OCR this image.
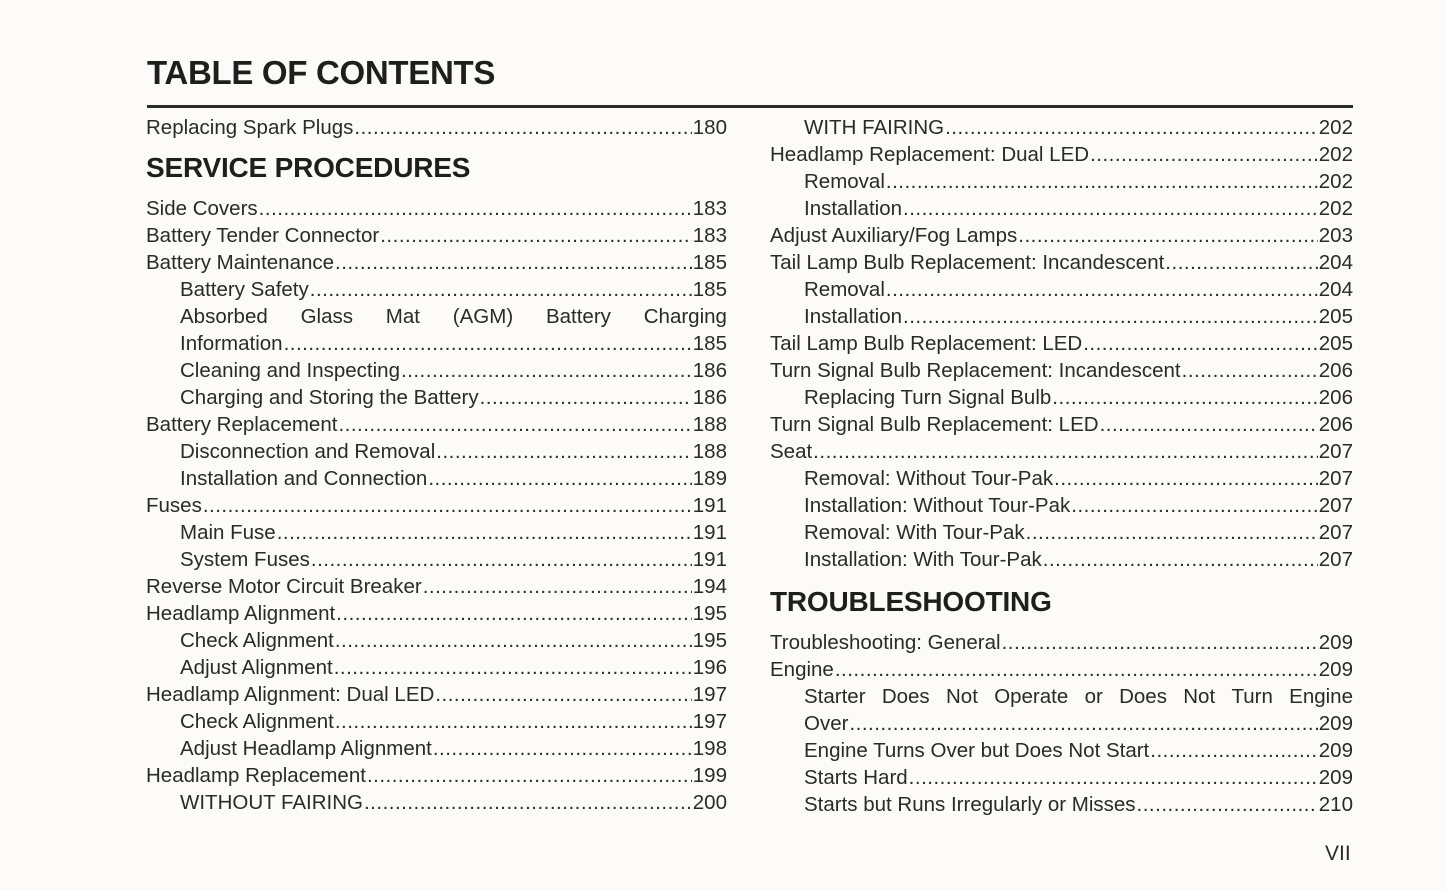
TABLE OF CONTENTS
Replacing Spark Plugs .....	180
SERVICE PROCEDURES
Side Covers .....	183
Battery Tender Connector .....	183
Battery Maintenance .....	185
Battery Safety .....	185
Absorbed Glass Mat (AGM) Battery Charging
Information .....	185
Cleaning and Inspecting .....	186
Charging and Storing the Battery .....	186
Battery Replacement .....	188
Disconnection and Removal .....	188
Installation and Connection .....	189
Fuses .....	191
Main Fuse .....	191
System Fuses .....	191
Reverse Motor Circuit Breaker .....	194
Headlamp Alignment .....	195
Check Alignment .....	195
Adjust Alignment .....	196
Headlamp Alignment: Dual LED .....	197
Check Alignment .....	197
Adjust Headlamp Alignment .....	198
Headlamp Replacement .....	199
WITHOUT FAIRING .....	200
WITH FAIRING .....	202
Headlamp Replacement: Dual LED .....	202
Removal .....	202
Installation .....	202
Adjust Auxiliary/Fog Lamps .....	203
Tail Lamp Bulb Replacement: Incandescent .....	204
Removal .....	204
Installation .....	205
Tail Lamp Bulb Replacement: LED .....	205
Turn Signal Bulb Replacement: Incandescent .....	206
Replacing Turn Signal Bulb .....	206
Turn Signal Bulb Replacement: LED .....	206
Seat .....	207
Removal: Without Tour-Pak .....	207
Installation: Without Tour-Pak .....	207
Removal: With Tour-Pak .....	207
Installation: With Tour-Pak .....	207
TROUBLESHOOTING
Troubleshooting: General .....	209
Engine .....	209
Starter Does Not Operate or Does Not Turn Engine
Over .....	209
Engine Turns Over but Does Not Start .....	209
Starts Hard .....	209
Starts but Runs Irregularly or Misses .....	210
VII
